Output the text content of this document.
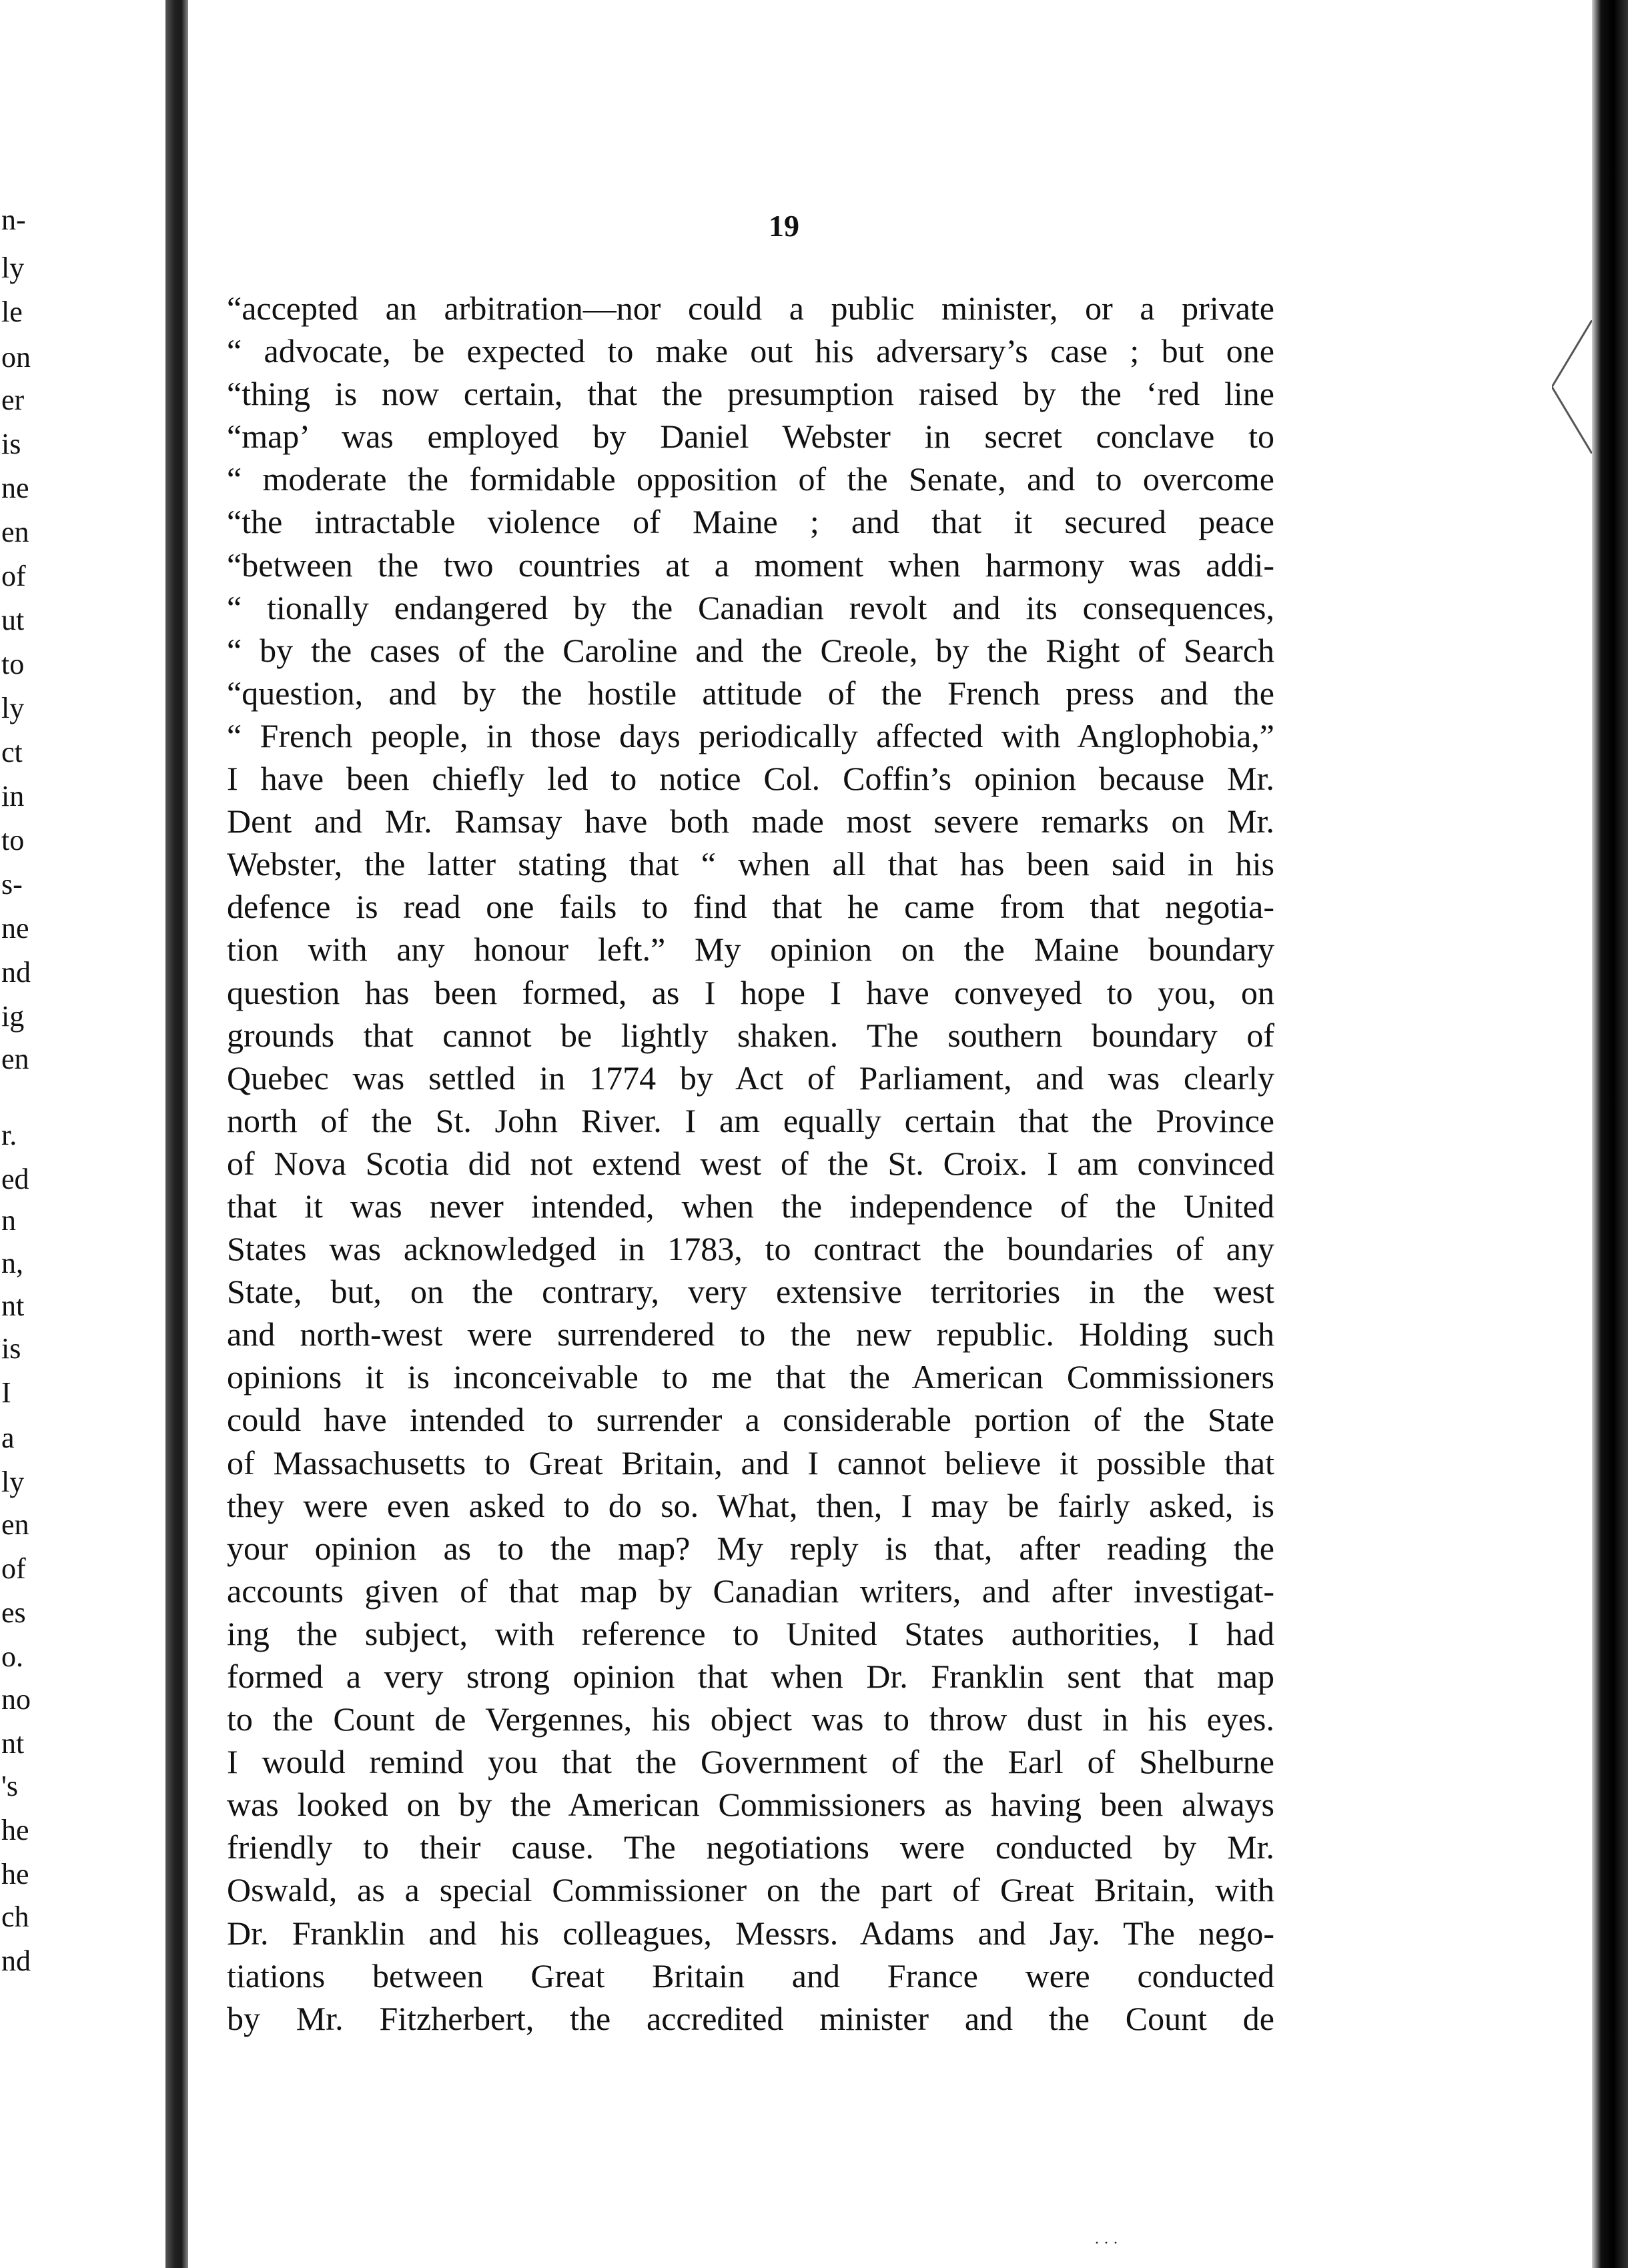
n-
ly
le
on
er
is
ne
en
of
ut
to
ly
ct
in
to
s-
ne
nd
ig
en
r.
ed
n
n,
nt
is
I
a
ly
en
of
es
o.
no
nt
's
he
he
ch
nd
19
“accepted an arbitration—nor could a public minister, or a private
“ advocate, be expected to make out his adversary’s case ; but one
“thing is now certain, that the presumption raised by the ‘red line
“map’ was employed by Daniel Webster in secret conclave to
“ moderate the formidable opposition of the Senate, and to overcome
“the intractable violence of Maine ; and that it secured peace
“between the two countries at a moment when harmony was addi-
“ tionally endangered by the Canadian revolt and its consequences,
“ by the cases of the Caroline and the Creole, by the Right of Search
“question, and by the hostile attitude of the French press and the
“ French people, in those days periodically affected with Anglophobia,”
I have been chiefly led to notice Col. Coffin’s opinion because Mr.
Dent and Mr. Ramsay have both made most severe remarks on Mr.
Webster, the latter stating that “ when all that has been said in his
defence is read one fails to find that he came from that negotia-
tion with any honour left.” My opinion on the Maine boundary
question has been formed, as I hope I have conveyed to you, on
grounds that cannot be lightly shaken. The southern boundary of
Quebec was settled in 1774 by Act of Parliament, and was clearly
north of the St. John River. I am equally certain that the Province
of Nova Scotia did not extend west of the St. Croix. I am convinced
that it was never intended, when the independence of the United
States was acknowledged in 1783, to contract the boundaries of any
State, but, on the contrary, very extensive territories in the west
and north-west were surrendered to the new republic. Holding such
opinions it is inconceivable to me that the American Commissioners
could have intended to surrender a considerable portion of the State
of Massachusetts to Great Britain, and I cannot believe it possible that
they were even asked to do so. What, then, I may be fairly asked, is
your opinion as to the map? My reply is that, after reading the
accounts given of that map by Canadian writers, and after investigat-
ing the subject, with reference to United States authorities, I had
formed a very strong opinion that when Dr. Franklin sent that map
to the Count de Vergennes, his object was to throw dust in his eyes.
I would remind you that the Government of the Earl of Shelburne
was looked on by the American Commissioners as having been always
friendly to their cause. The negotiations were conducted by Mr.
Oswald, as a special Commissioner on the part of Great Britain, with
Dr. Franklin and his colleagues, Messrs. Adams and Jay. The nego-
tiations between Great Britain and France were conducted
by Mr. Fitzherbert, the accredited minister and the Count de
· · ·
